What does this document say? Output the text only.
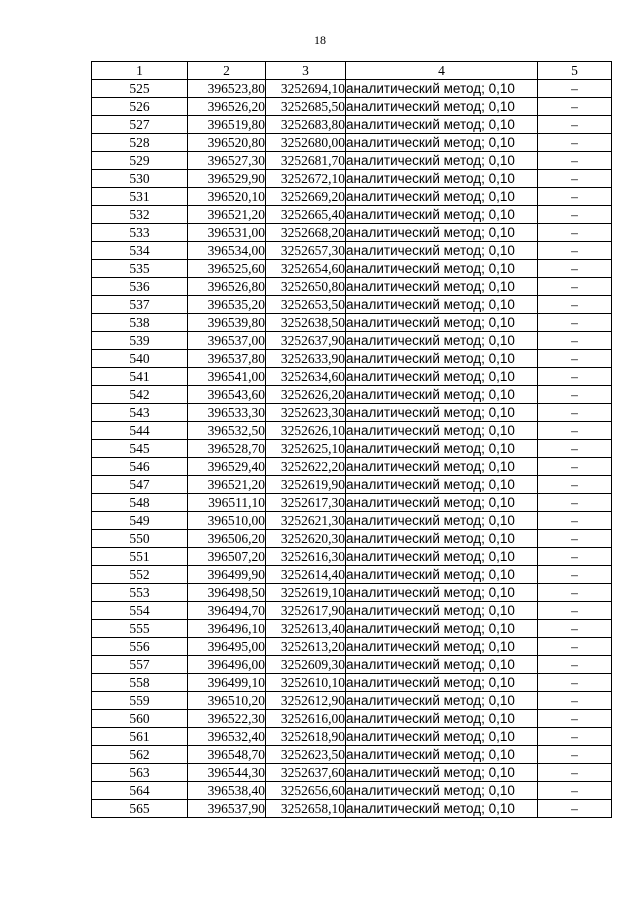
18
1	2	3	4	5
525	396523,80	3252694,10	аналитический метод; 0,10	–
526	396526,20	3252685,50	аналитический метод; 0,10	–
527	396519,80	3252683,80	аналитический метод; 0,10	–
528	396520,80	3252680,00	аналитический метод; 0,10	–
529	396527,30	3252681,70	аналитический метод; 0,10	–
530	396529,90	3252672,10	аналитический метод; 0,10	–
531	396520,10	3252669,20	аналитический метод; 0,10	–
532	396521,20	3252665,40	аналитический метод; 0,10	–
533	396531,00	3252668,20	аналитический метод; 0,10	–
534	396534,00	3252657,30	аналитический метод; 0,10	–
535	396525,60	3252654,60	аналитический метод; 0,10	–
536	396526,80	3252650,80	аналитический метод; 0,10	–
537	396535,20	3252653,50	аналитический метод; 0,10	–
538	396539,80	3252638,50	аналитический метод; 0,10	–
539	396537,00	3252637,90	аналитический метод; 0,10	–
540	396537,80	3252633,90	аналитический метод; 0,10	–
541	396541,00	3252634,60	аналитический метод; 0,10	–
542	396543,60	3252626,20	аналитический метод; 0,10	–
543	396533,30	3252623,30	аналитический метод; 0,10	–
544	396532,50	3252626,10	аналитический метод; 0,10	–
545	396528,70	3252625,10	аналитический метод; 0,10	–
546	396529,40	3252622,20	аналитический метод; 0,10	–
547	396521,20	3252619,90	аналитический метод; 0,10	–
548	396511,10	3252617,30	аналитический метод; 0,10	–
549	396510,00	3252621,30	аналитический метод; 0,10	–
550	396506,20	3252620,30	аналитический метод; 0,10	–
551	396507,20	3252616,30	аналитический метод; 0,10	–
552	396499,90	3252614,40	аналитический метод; 0,10	–
553	396498,50	3252619,10	аналитический метод; 0,10	–
554	396494,70	3252617,90	аналитический метод; 0,10	–
555	396496,10	3252613,40	аналитический метод; 0,10	–
556	396495,00	3252613,20	аналитический метод; 0,10	–
557	396496,00	3252609,30	аналитический метод; 0,10	–
558	396499,10	3252610,10	аналитический метод; 0,10	–
559	396510,20	3252612,90	аналитический метод; 0,10	–
560	396522,30	3252616,00	аналитический метод; 0,10	–
561	396532,40	3252618,90	аналитический метод; 0,10	–
562	396548,70	3252623,50	аналитический метод; 0,10	–
563	396544,30	3252637,60	аналитический метод; 0,10	–
564	396538,40	3252656,60	аналитический метод; 0,10	–
565	396537,90	3252658,10	аналитический метод; 0,10	–
